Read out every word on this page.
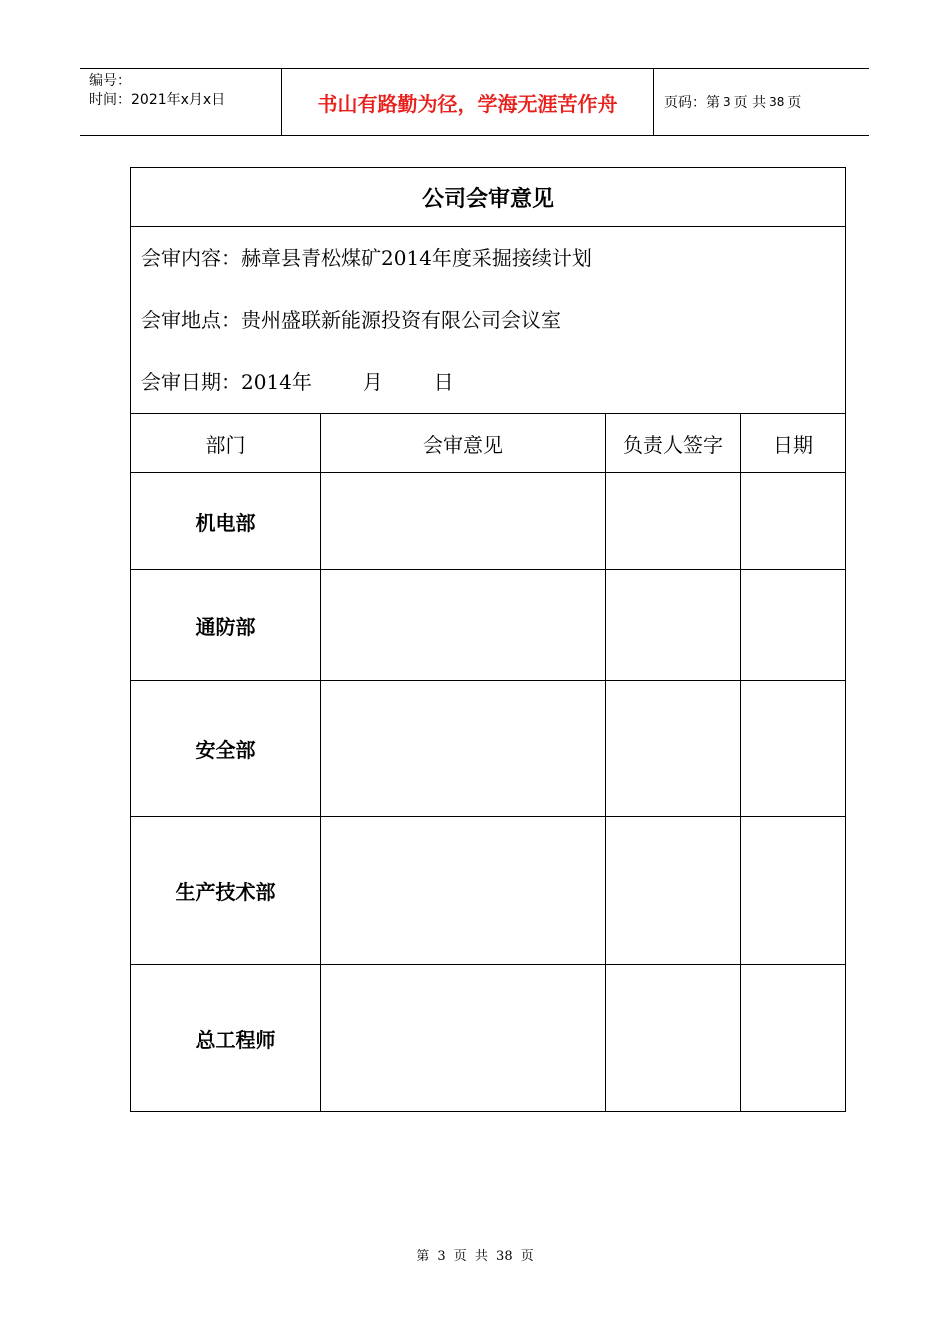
编号：
时间：2021年x月x日	书山有路勤为径，学海无涯苦作舟	页码：第 3 页 共 38 页
公司会审意见			

会审内容：赫章县青松煤矿2014年度采掘接续计划
会审地点：贵州盛联新能源投资有限公司会议室
会审日期：2014年        月        日			

部门	会审意见	负责人签字	日期
机电部			
通防部			
安全部			
生产技术部			
总工程师			
第 3 页 共 38 页
